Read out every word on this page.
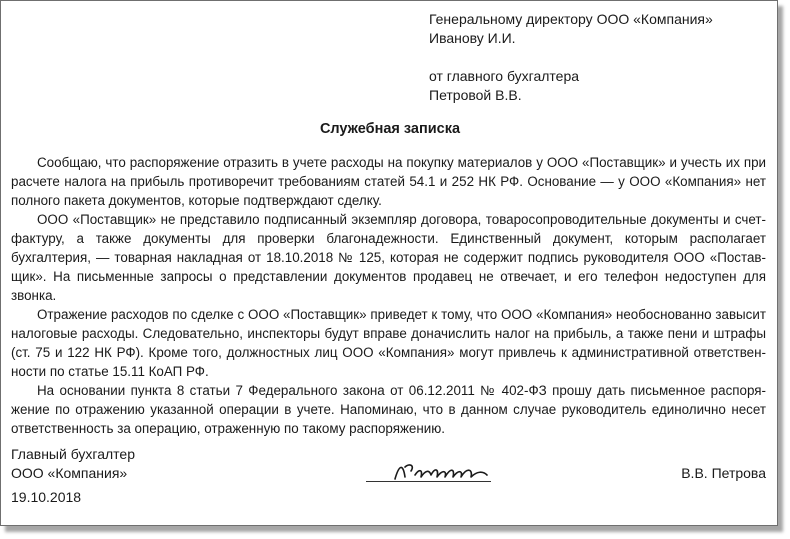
Генеральному директору ООО «Компания»
Иванову И.И.
от главного бухгалтера
Петровой В.В.
Служебная записка

Сообщаю, что распоряжение отразить в учете расходы на покупку материалов у ООО «Поставщик» и учесть их при расчете налога на прибыль противоречит требованиям статей 54.1 и 252 НК РФ. Основание — у ООО «Компания» нет полного пакета документов, которые подтверждают сделку.

ООО «Поставщик» не представило подписанный экземпляр договора, товаросопроводительные документы и счет-фактуру, а также документы для проверки благонадежности. Единственный документ, которым располагает бухгалтерия, — товарная накладная от 18.10.2018 № 125, которая не содержит подпись руководителя ООО «Поставщик». На письменные запросы о представлении документов продавец не отвечает, и его телефон недоступен для звонка.

Отражение расходов по сделке с ООО «Поставщик» приведет к тому, что ООО «Компания» необоснованно завысит налоговые расходы. Следовательно, инспекторы будут вправе доначислить налог на прибыль, а также пени и штрафы (ст. 75 и 122 НК РФ). Кроме того, должностных лиц ООО «Компания» могут привлечь к административной ответственности по статье 15.11 КоАП РФ.

На основании пункта 8 статьи 7 Федерального закона от 06.12.2011 № 402-ФЗ прошу дать письменное распоряжение по отражению указанной операции в учете. Напоминаю, что в данном случае руководитель единолично несет ответственность за операцию, отраженную по такому распоряжению.

Главный бухгалтер
ООО «Компания»	В.В. Петрова
19.10.2018
